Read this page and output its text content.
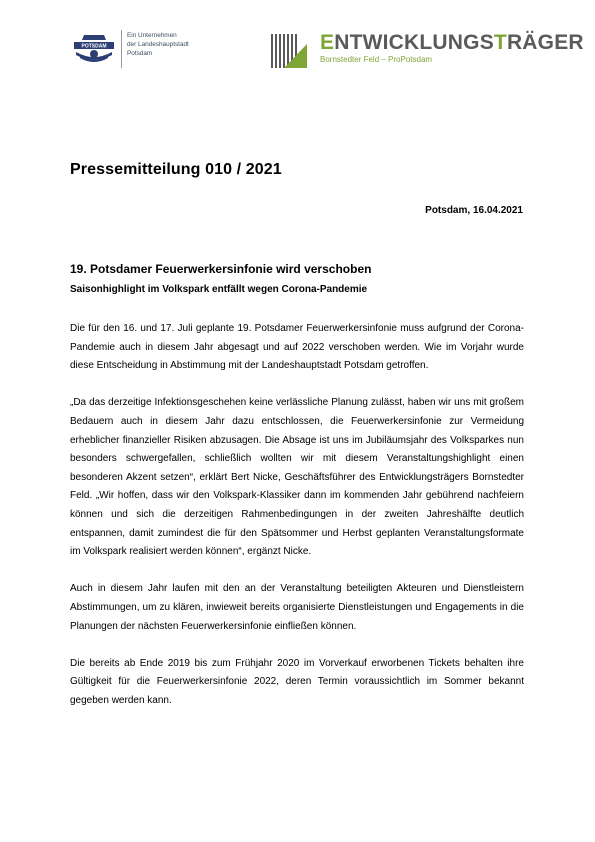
POTSDAM
Ein Unternehmen
der Landeshauptstadt
Potsdam	ENTWICKLUNGSTRÄGER
Bornstedter Feld – ProPotsdam
Pressemitteilung 010 / 2021
Potsdam, 16.04.2021
19. Potsdamer Feuerwerkersinfonie wird verschoben
Saisonhighlight im Volkspark entfällt wegen Corona-Pandemie

Die für den 16. und 17. Juli geplante 19. Potsdamer Feuerwerkersinfonie muss aufgrund der Corona-Pandemie auch in diesem Jahr abgesagt und auf 2022 verschoben werden. Wie im Vorjahr wurde diese Entscheidung in Abstimmung mit der Landeshauptstadt Potsdam getroffen.

„Da das derzeitige Infektionsgeschehen keine verlässliche Planung zulässt, haben wir uns mit großem Bedauern auch in diesem Jahr dazu entschlossen, die Feuerwerkersinfonie zur Vermeidung erheblicher finanzieller Risiken abzusagen. Die Absage ist uns im Jubiläumsjahr des Volksparkes nun besonders schwergefallen, schließlich wollten wir mit diesem Veranstaltungshighlight einen besonderen Akzent setzen“, erklärt Bert Nicke, Geschäftsführer des Entwicklungsträgers Bornstedter Feld. „Wir hoffen, dass wir den Volkspark-Klassiker dann im kommenden Jahr gebührend nachfeiern können und sich die derzeitigen Rahmenbedingungen in der zweiten Jahreshälfte deutlich entspannen, damit zumindest die für den Spätsommer und Herbst geplanten Veranstaltungsformate im Volkspark realisiert werden können“, ergänzt Nicke.

Auch in diesem Jahr laufen mit den an der Veranstaltung beteiligten Akteuren und Dienstleistern Abstimmungen, um zu klären, inwieweit bereits organisierte Dienstleistungen und Engagements in die Planungen der nächsten Feuerwerkersinfonie einfließen können.

Die bereits ab Ende 2019 bis zum Frühjahr 2020 im Vorverkauf erworbenen Tickets behalten ihre Gültigkeit für die Feuerwerkersinfonie 2022, deren Termin voraussichtlich im Sommer bekannt gegeben werden kann.
